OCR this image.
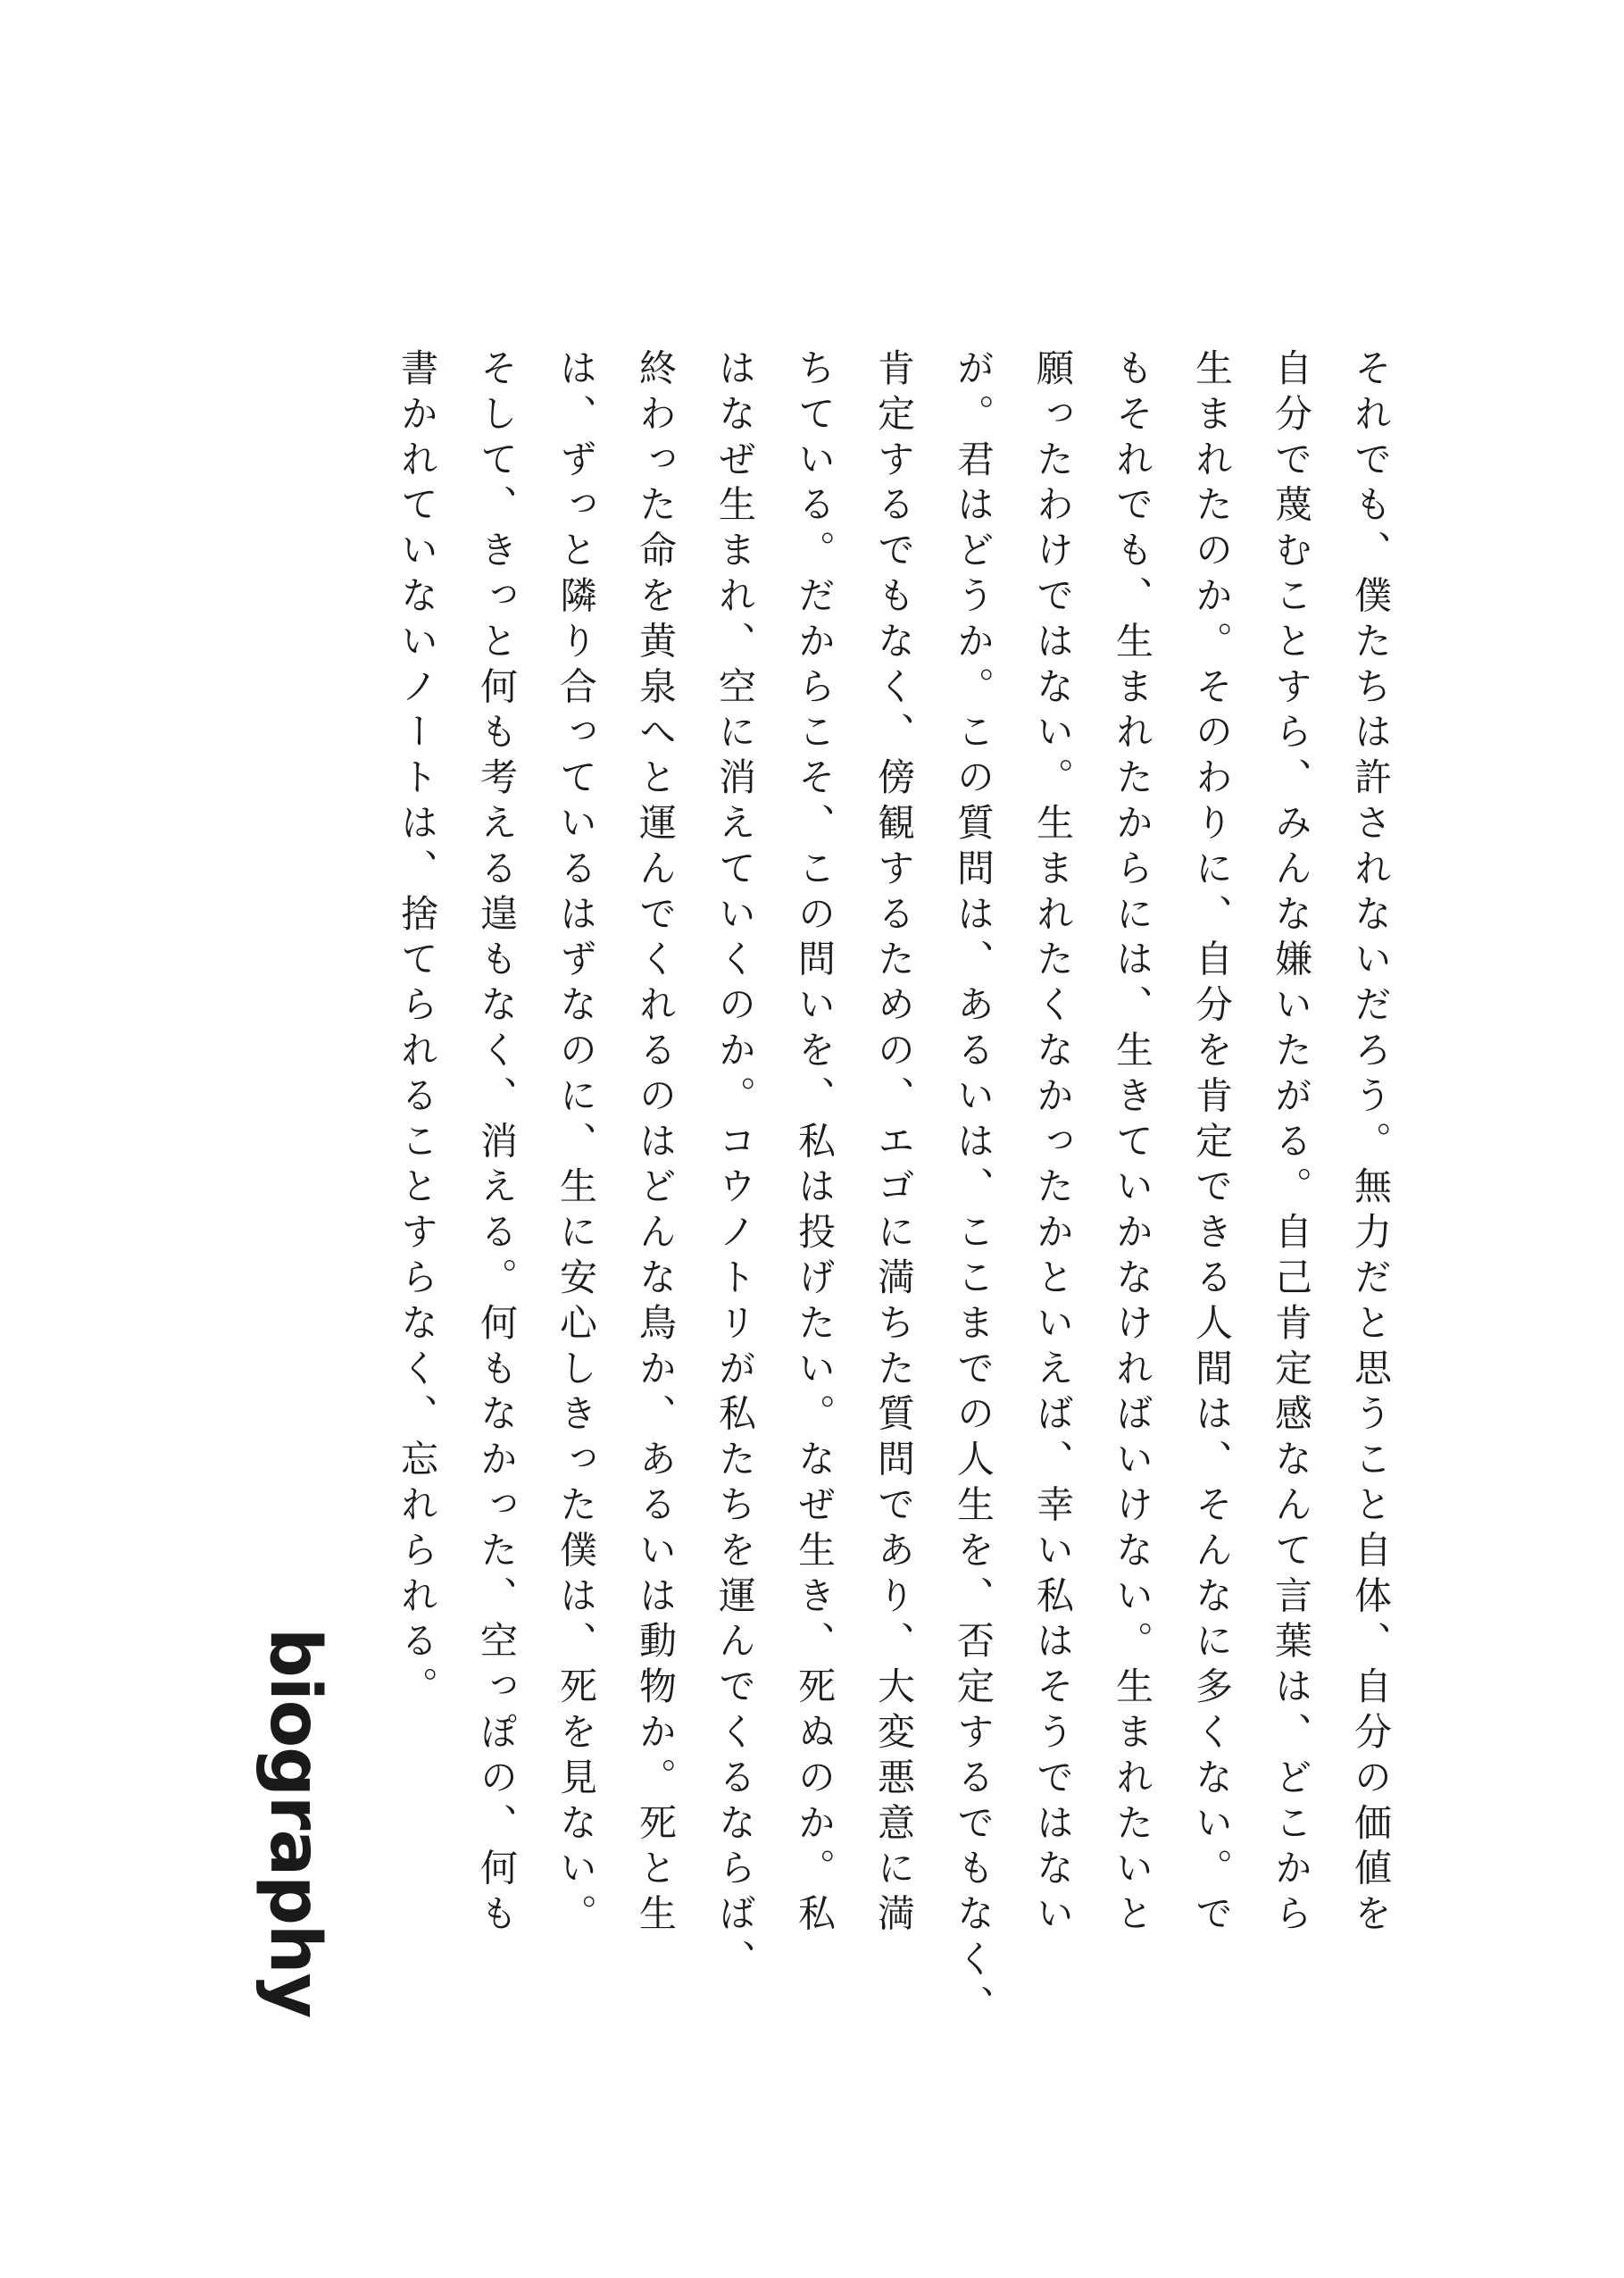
それでも、僕たちは許されないだろう。無力だと思うこと自体、自分の価値を
自分で蔑むことすら、みんな嫌いたがる。自己肯定感なんて言葉は、どこから
生まれたのか。そのわりに、自分を肯定できる人間は、そんなに多くない。で
もそれでも、生まれたからには、生きていかなければいけない。生まれたいと
願ったわけではない。生まれたくなかったかといえば、幸い私はそうではない
が。君はどうか。この質問は、あるいは、ここまでの人生を、否定するでもなく、
肯定するでもなく、傍観するための、エゴに満ちた質問であり、大変悪意に満
ちている。だからこそ、この問いを、私は投げたい。なぜ生き、死ぬのか。私
はなぜ生まれ、空に消えていくのか。コウノトリが私たちを運んでくるならば、
終わった命を黄泉へと運んでくれるのはどんな鳥か、あるいは動物か。死と生
は、ずっと隣り合っているはずなのに、生に安心しきった僕は、死を見ない。
そして、きっと何も考える遑もなく、消える。何もなかった、空っぽの、何も
書かれていないノートは、捨てられることすらなく、忘れられる。
biography
